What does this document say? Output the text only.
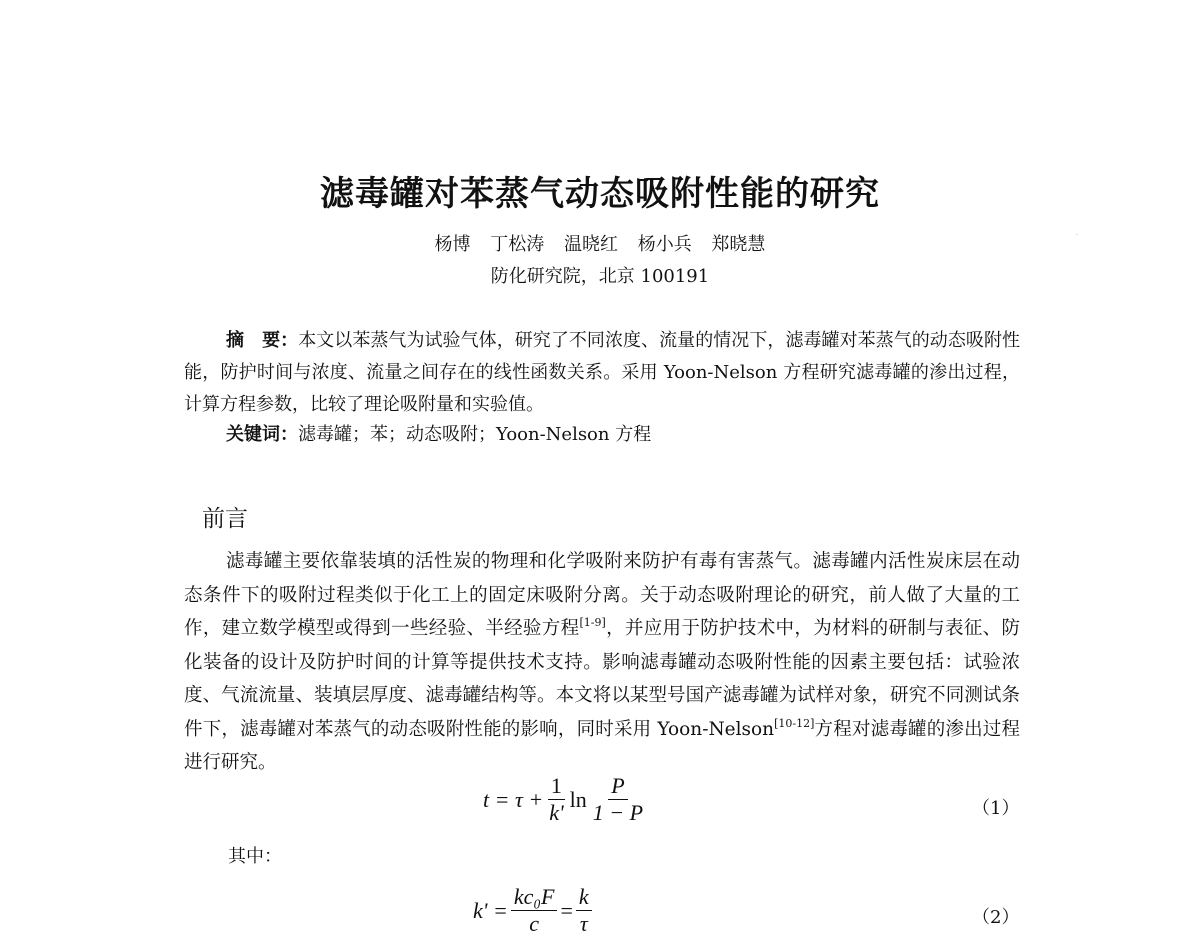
滤毒罐对苯蒸气动态吸附性能的研究
杨博 丁松涛 温晓红 杨小兵 郑晓慧
防化研究院，北京 100191
摘　要：本文以苯蒸气为试验气体，研究了不同浓度、流量的情况下，滤毒罐对苯蒸气的动态吸附性能，防护时间与浓度、流量之间存在的线性函数关系。采用 Yoon-Nelson 方程研究滤毒罐的渗出过程，计算方程参数，比较了理论吸附量和实验值。
关键词：滤毒罐；苯；动态吸附；Yoon-Nelson 方程
前言
滤毒罐主要依靠装填的活性炭的物理和化学吸附来防护有毒有害蒸气。滤毒罐内活性炭床层在动态条件下的吸附过程类似于化工上的固定床吸附分离。关于动态吸附理论的研究，前人做了大量的工作，建立数学模型或得到一些经验、半经验方程[1-9]，并应用于防护技术中，为材料的研制与表征、防化装备的设计及防护时间的计算等提供技术支持。影响滤毒罐动态吸附性能的因素主要包括：试验浓度、气流流量、装填层厚度、滤毒罐结构等。本文将以某型号国产滤毒罐为试样对象，研究不同测试条件下，滤毒罐对苯蒸气的动态吸附性能的影响，同时采用 Yoon-Nelson[10-12]方程对滤毒罐的渗出过程进行研究。
$t = \tau + \frac{1}{k'}$ $\ln \frac{P}{1 - P}$	（1）
其中：
$k' = \frac{\text{kc₀F}}{c} = \frac{k}{\tau}$	（2）
·
